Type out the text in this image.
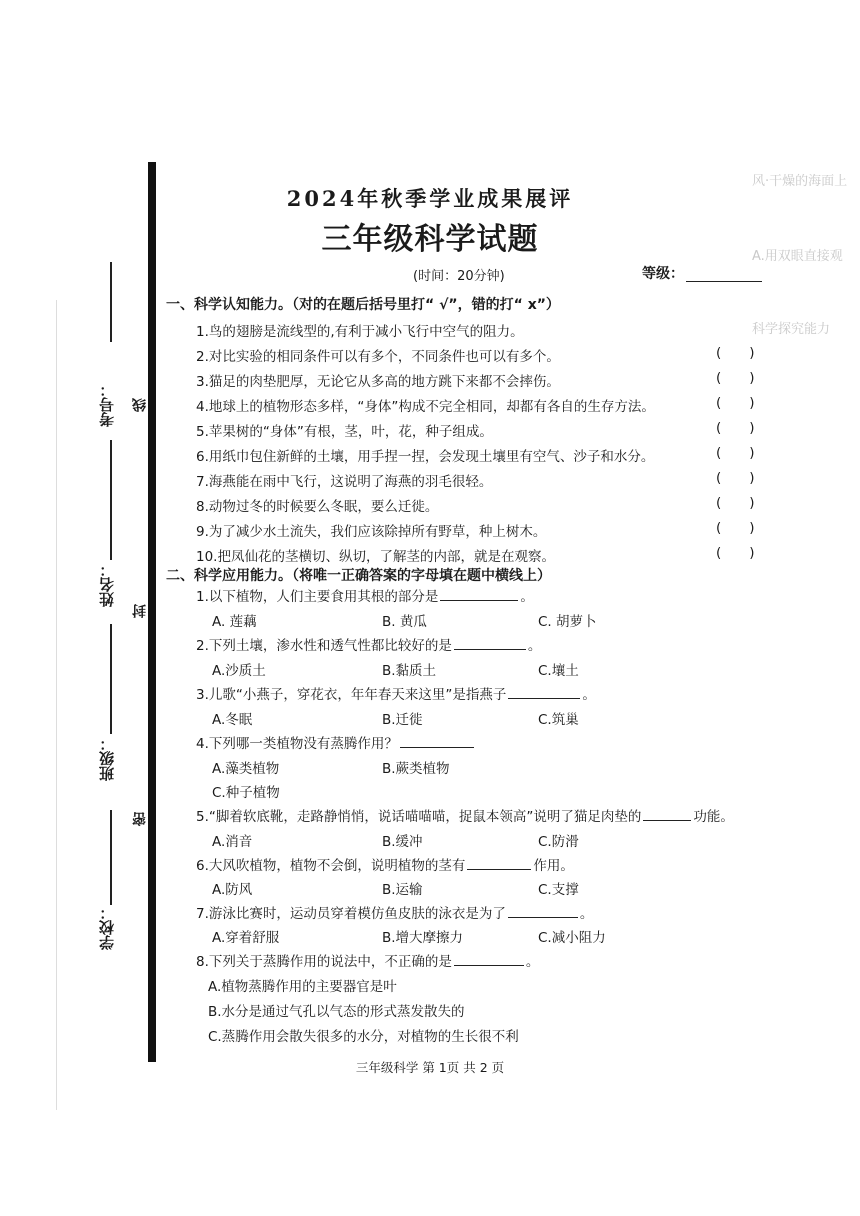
风·干燥的海面上
A.用双眼直接观
科学探究能力
考号： 线
姓名：
封
班级：
密
学校：
2024年秋季学业成果展评
三年级科学试题
(时间：20分钟)	等级：
一、科学认知能力。（对的在题后括号里打“ √”，错的打“ x”）
1.鸟的翅膀是流线型的,有利于减小飞行中空气的阻力。
2.对比实验的相同条件可以有多个，不同条件也可以有多个。	()
3.猫足的肉垫肥厚，无论它从多高的地方跳下来都不会摔伤。	()
4.地球上的植物形态多样，“身体”构成不完全相同，却都有各自的生存方法。	()
5.苹果树的“身体”有根，茎，叶，花，种子组成。	()
6.用纸巾包住新鲜的土壤，用手捏一捏，会发现土壤里有空气、沙子和水分。	()
7.海燕能在雨中飞行，这说明了海燕的羽毛很轻。	()
8.动物过冬的时候要么冬眠，要么迁徙。	()
9.为了减少水土流失，我们应该除掉所有野草，种上树木。	()
10.把凤仙花的茎横切、纵切，了解茎的内部，就是在观察。	()
二、科学应用能力。（将唯一正确答案的字母填在题中横线上）
1.以下植物，人们主要食用其根的部分是	。
A. 莲藕	B. 黄瓜	C. 胡萝卜
2.下列土壤，渗水性和透气性都比较好的是	。
A.沙质土	B.黏质土	C.壤土
3.儿歌“小燕子，穿花衣，年年春天来这里”是指燕子	。
A.冬眠	B.迁徙	C.筑巢
4.下列哪一类植物没有蒸腾作用？
A.藻类植物	B.蕨类植物
C.种子植物
5.“脚着软底靴，走路静悄悄，说话喵喵喵，捉鼠本领高”说明了猫足肉垫的	功能。
A.消音	B.缓冲	C.防滑
6.大风吹植物，植物不会倒，说明植物的茎有	作用。
A.防风	B.运输	C.支撑
7.游泳比赛时，运动员穿着模仿鱼皮肤的泳衣是为了	。
A.穿着舒服	B.增大摩擦力	C.减小阻力
8.下列关于蒸腾作用的说法中，不正确的是	。
A.植物蒸腾作用的主要器官是叶
B.水分是通过气孔以气态的形式蒸发散失的
C.蒸腾作用会散失很多的水分，对植物的生长很不利
三年级科学 第 1页 共 2 页
